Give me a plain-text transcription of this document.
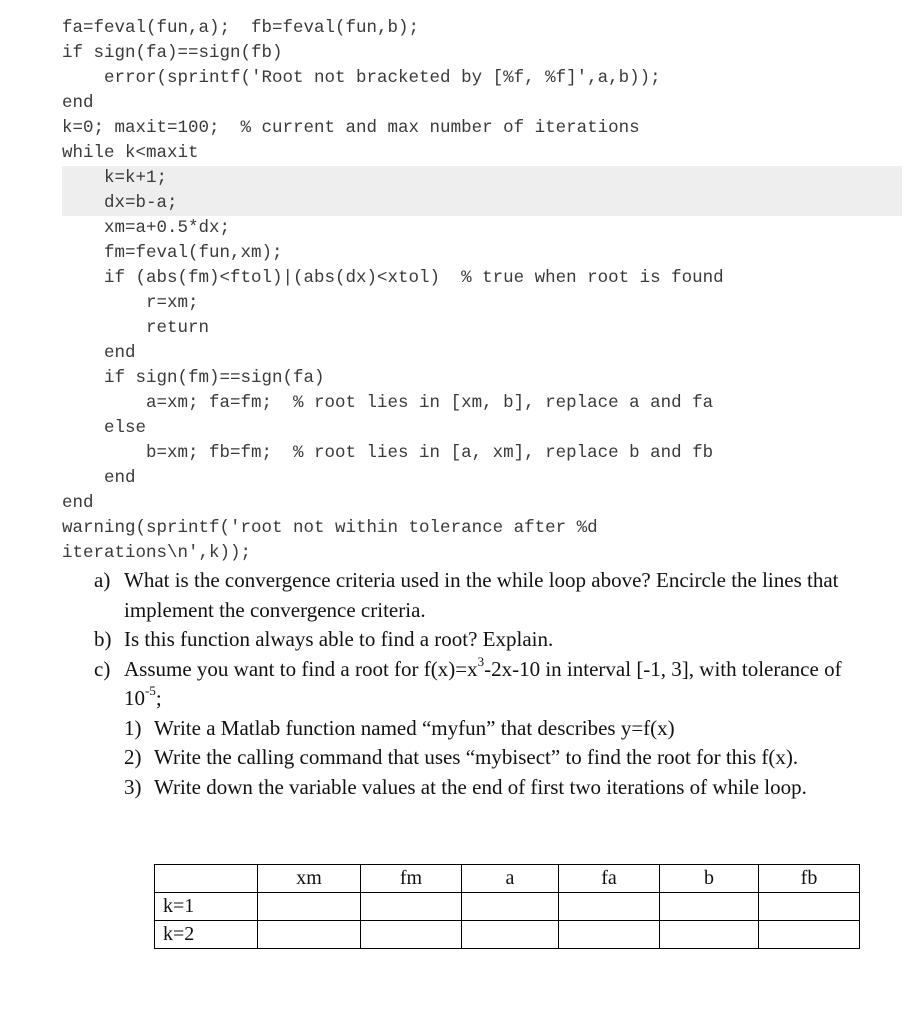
fa=feval(fun,a);  fb=feval(fun,b);
if sign(fa)==sign(fb)
error(sprintf('Root not bracketed by [%f, %f]',a,b));
end
k=0; maxit=100;  % current and max number of iterations
while k<maxit
k=k+1;
dx=b-a;
xm=a+0.5*dx;
fm=feval(fun,xm);
if (abs(fm)<ftol)|(abs(dx)<xtol)  % true when root is found
r=xm;
return
end
if sign(fm)==sign(fa)
a=xm; fa=fm;  % root lies in [xm, b], replace a and fa
else
b=xm; fb=fm;  % root lies in [a, xm], replace b and fb
end
end
warning(sprintf('root not within tolerance after %d
iterations\n',k));
a) What is the convergence criteria used in the while loop above? Encircle the lines that implement the convergence criteria.
b) Is this function always able to find a root? Explain.
c) Assume you want to find a root for $f(x)=x^3-2x-10$ in interval [-1, 3], with tolerance of $10^{-5}$;
1) Write a Matlab function named “myfun” that describes y=f(x)
2) Write the calling command that uses “mybisect” to find the root for this f(x).
3) Write down the variable values at the end of first two iterations of while loop.
	xm	fm	a	fa	b	fb
k=1						
k=2						
